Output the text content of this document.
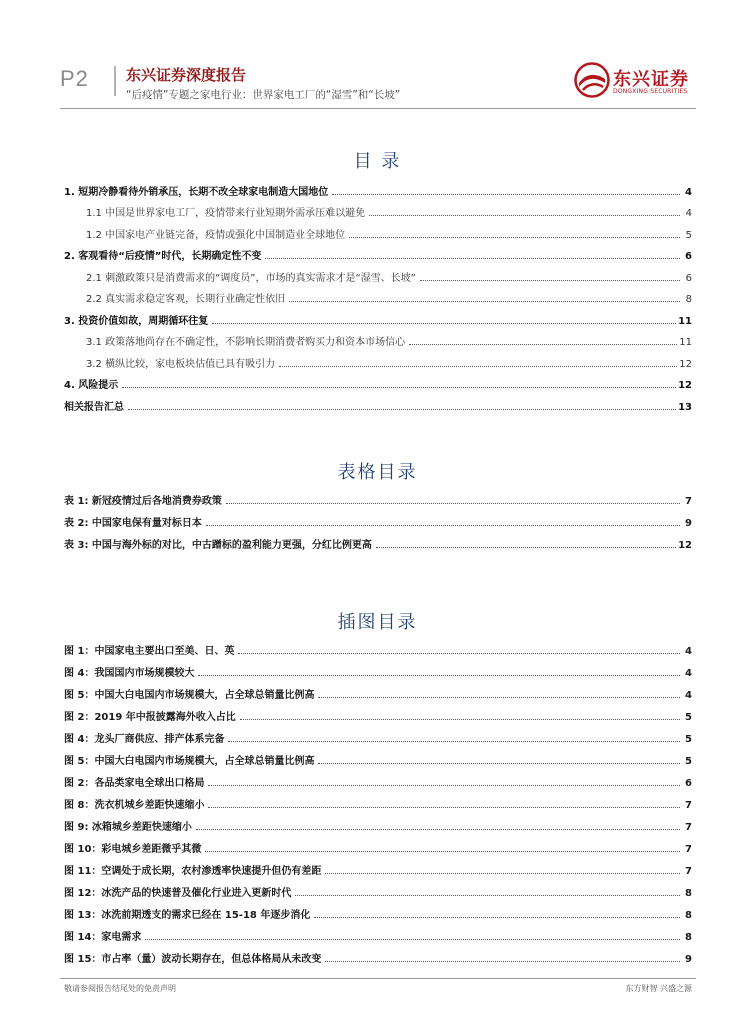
P2 东兴证券深度报告
“后疫情”专题之家电行业：世界家电工厂的“湿雪”和“长坡”
东兴证券
DONGXING SECURITIES
目 录
1. 短期冷静看待外销承压，长期不改全球家电制造大国地位	4
1.1 中国是世界家电工厂，疫情带来行业短期外需承压难以避免	4
1.2 中国家电产业链完备，疫情或强化中国制造业全球地位	5
2. 客观看待“后疫情”时代，长期确定性不变	6
2.1 刺激政策只是消费需求的“调度员”，市场的真实需求才是“湿雪、长坡”	6
2.2 真实需求稳定客观，长期行业确定性依旧	8
3. 投资价值如故，周期循环往复	11
3.1 政策落地尚存在不确定性，不影响长期消费者购买力和资本市场信心	11
3.2 横纵比较，家电板块估值已具有吸引力	12
4. 风险提示	12
相关报告汇总	13
表格目录
表 1: 新冠疫情过后各地消费券政策	7
表 2: 中国家电保有量对标日本	9
表 3: 中国与海外标的对比，中古蹭标的盈利能力更强，分红比例更高	12
插图目录
图 1：中国家电主要出口至美、日、英	4
图 4：我国国内市场规模较大	4
图 5：中国大白电国内市场规模大，占全球总销量比例高	4
图 2：2019 年中报披露海外收入占比	5
图 4：龙头厂商供应、排产体系完备	5
图 5：中国大白电国内市场规模大，占全球总销量比例高	5
图 2：各品类家电全球出口格局	6
图 8：洗衣机城乡差距快速缩小	7
图 9: 冰箱城乡差距快速缩小	7
图 10：彩电城乡差距微乎其微	7
图 11：空调处于成长期，农村渗透率快速提升但仍有差距	7
图 12：冰洗产品的快速普及催化行业进入更新时代	8
图 13：冰洗前期透支的需求已经在 15-18 年逐步消化	8
图 14：家电需求	8
图 15：市占率（量）波动长期存在，但总体格局从未改变	9
敬请参阅报告结尾处的免责声明	东方财智 兴盛之源
